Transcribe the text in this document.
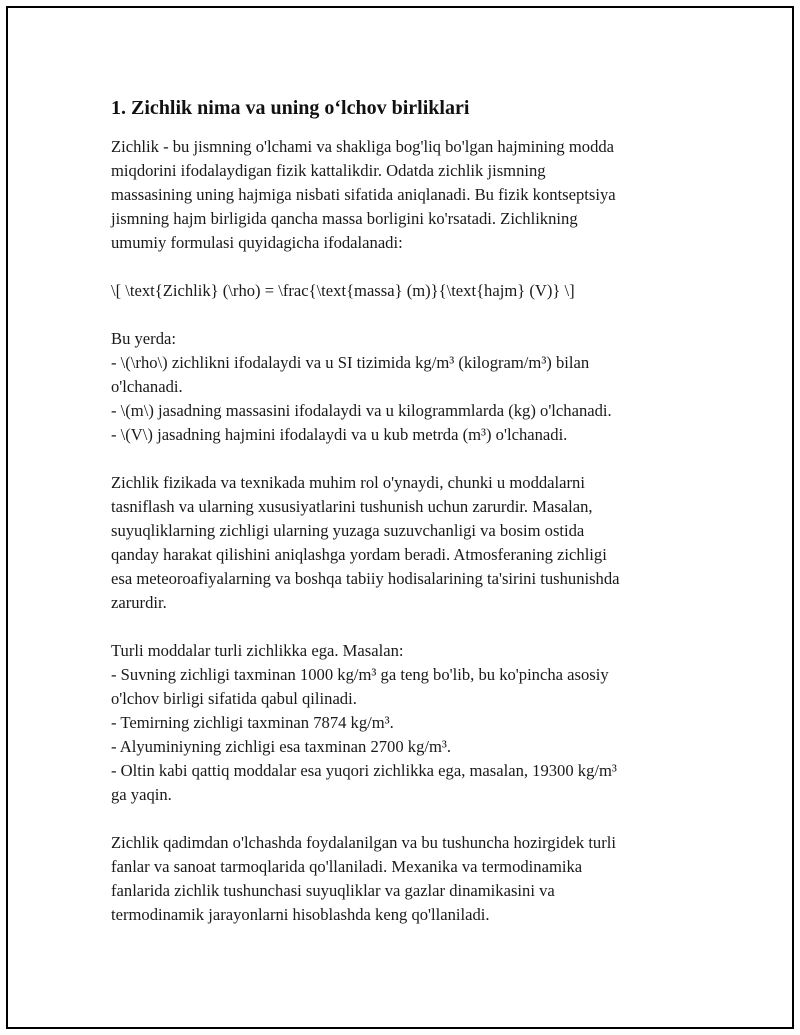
1. Zichlik nima va uning o‘lchov birliklari

Zichlik - bu jismning o'lchami va shakliga bog'liq bo'lgan hajmining modda
miqdorini ifodalaydigan fizik kattalikdir. Odatda zichlik jismning
massasining uning hajmiga nisbati sifatida aniqlanadi. Bu fizik kontseptsiya
jismning hajm birligida qancha massa borligini ko'rsatadi. Zichlikning
umumiy formulasi quyidagicha ifodalanadi:

\[ \text{Zichlik} (\rho) = \frac{\text{massa} (m)}{\text{hajm} (V)} \]

Bu yerda:
- \(\rho\) zichlikni ifodalaydi va u SI tizimida kg/m³ (kilogram/m³) bilan
o'lchanadi.
- \(m\) jasadning massasini ifodalaydi va u kilogrammlarda (kg) o'lchanadi.
- \(V\) jasadning hajmini ifodalaydi va u kub metrda (m³) o'lchanadi.

Zichlik fizikada va texnikada muhim rol o'ynaydi, chunki u moddalarni
tasniflash va ularning xususiyatlarini tushunish uchun zarurdir. Masalan,
suyuqliklarning zichligi ularning yuzaga suzuvchanligi va bosim ostida
qanday harakat qilishini aniqlashga yordam beradi. Atmosferaning zichligi
esa meteoroafiyalarning va boshqa tabiiy hodisalarining ta'sirini tushunishda
zarurdir.

Turli moddalar turli zichlikka ega. Masalan:
- Suvning zichligi taxminan 1000 kg/m³ ga teng bo'lib, bu ko'pincha asosiy
o'lchov birligi sifatida qabul qilinadi.
- Temirning zichligi taxminan 7874 kg/m³.
- Alyuminiyning zichligi esa taxminan 2700 kg/m³.
- Oltin kabi qattiq moddalar esa yuqori zichlikka ega, masalan, 19300 kg/m³
ga yaqin.

Zichlik qadimdan o'lchashda foydalanilgan va bu tushuncha hozirgidek turli
fanlar va sanoat tarmoqlarida qo'llaniladi. Mexanika va termodinamika
fanlarida zichlik tushunchasi suyuqliklar va gazlar dinamikasini va
termodinamik jarayonlarni hisoblashda keng qo'llaniladi.
